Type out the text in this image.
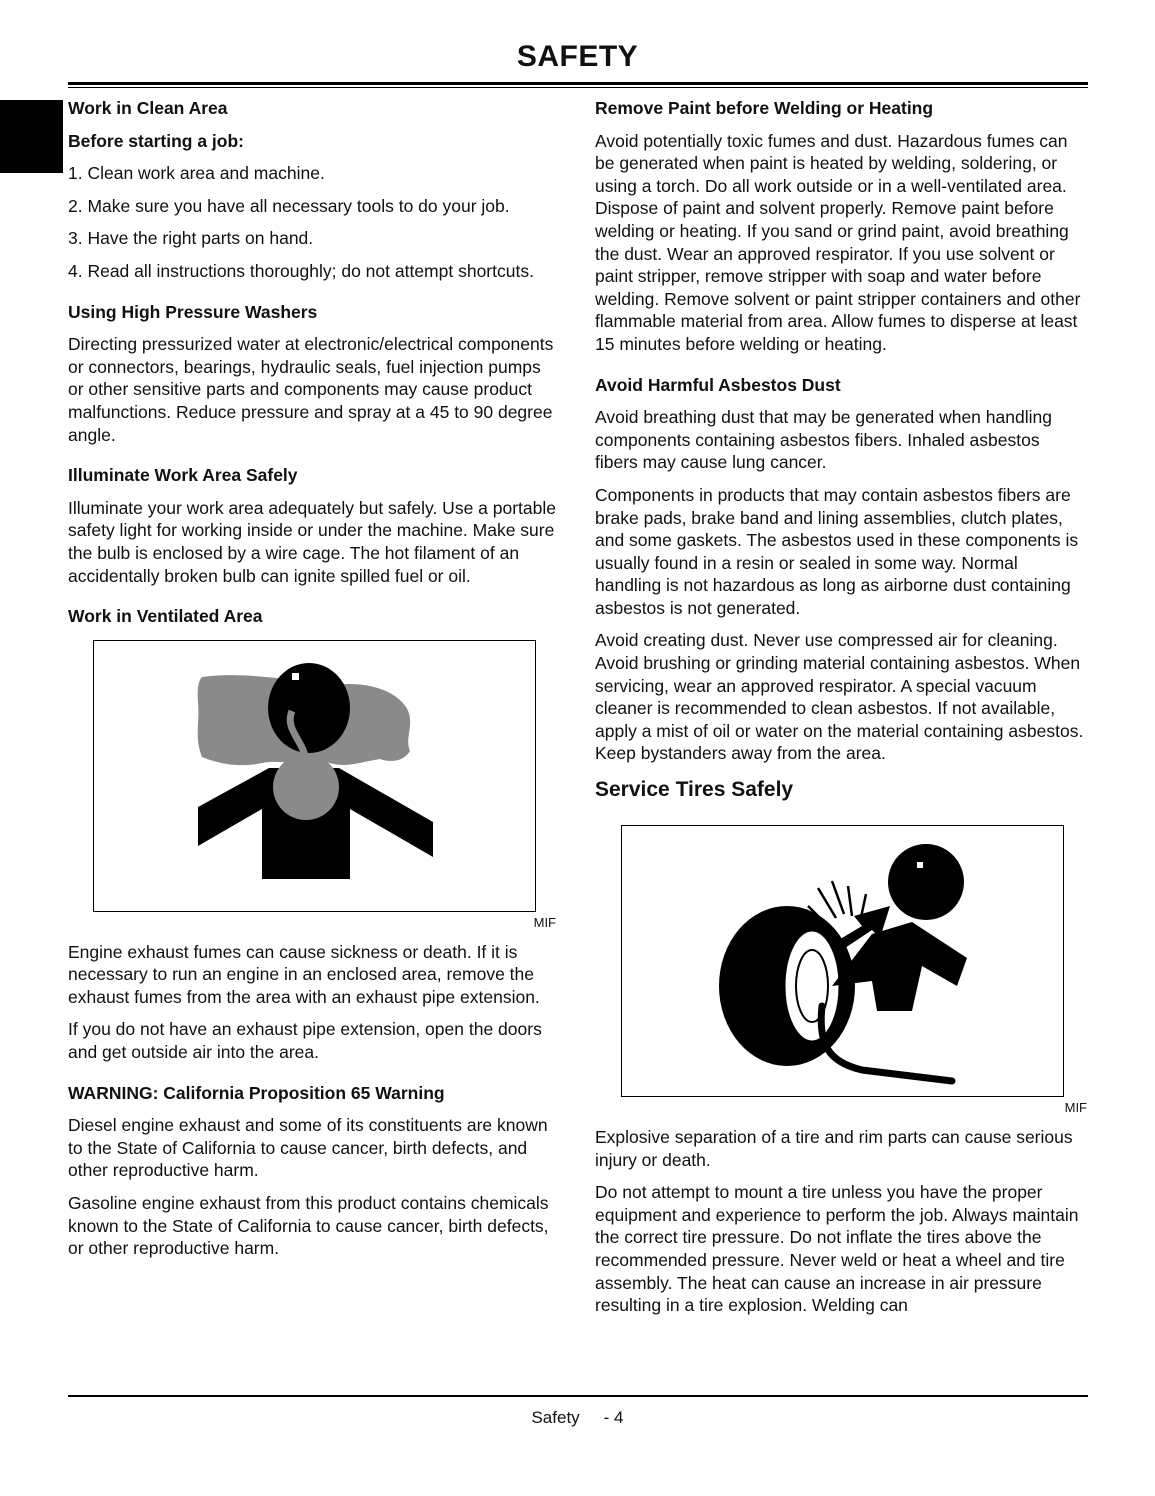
SAFETY
Work in Clean Area
Before starting a job:

1. Clean work area and machine.

2. Make sure you have all necessary tools to do your job.

3. Have the right parts on hand.

4. Read all instructions thoroughly; do not attempt shortcuts.

Using High Pressure Washers

Directing pressurized water at electronic/electrical components or connectors, bearings, hydraulic seals, fuel injection pumps or other sensitive parts and components may cause product malfunctions. Reduce pressure and spray at a 45 to 90 degree angle.

Illuminate Work Area Safely

Illuminate your work area adequately but safely. Use a portable safety light for working inside or under the machine. Make sure the bulb is enclosed by a wire cage. The hot filament of an accidentally broken bulb can ignite spilled fuel or oil.

Work in Ventilated Area
MIF

Engine exhaust fumes can cause sickness or death. If it is necessary to run an engine in an enclosed area, remove the exhaust fumes from the area with an exhaust pipe extension.

If you do not have an exhaust pipe extension, open the doors and get outside air into the area.

WARNING: California Proposition 65 Warning

Diesel engine exhaust and some of its constituents are known to the State of California to cause cancer, birth defects, and other reproductive harm.

Gasoline engine exhaust from this product contains chemicals known to the State of California to cause cancer, birth defects, or other reproductive harm.

Remove Paint before Welding or Heating

Avoid potentially toxic fumes and dust. Hazardous fumes can be generated when paint is heated by welding, soldering, or using a torch. Do all work outside or in a well-ventilated area. Dispose of paint and solvent properly. Remove paint before welding or heating. If you sand or grind paint, avoid breathing the dust. Wear an approved respirator. If you use solvent or paint stripper, remove stripper with soap and water before welding. Remove solvent or paint stripper containers and other flammable material from area. Allow fumes to disperse at least 15 minutes before welding or heating.

Avoid Harmful Asbestos Dust

Avoid breathing dust that may be generated when handling components containing asbestos fibers. Inhaled asbestos fibers may cause lung cancer.

Components in products that may contain asbestos fibers are brake pads, brake band and lining assemblies, clutch plates, and some gaskets. The asbestos used in these components is usually found in a resin or sealed in some way. Normal handling is not hazardous as long as airborne dust containing asbestos is not generated.

Avoid creating dust. Never use compressed air for cleaning. Avoid brushing or grinding material containing asbestos. When servicing, wear an approved respirator. A special vacuum cleaner is recommended to clean asbestos. If not available, apply a mist of oil or water on the material containing asbestos. Keep bystanders away from the area.

Service Tires Safely
MIF

Explosive separation of a tire and rim parts can cause serious injury or death.

Do not attempt to mount a tire unless you have the proper equipment and experience to perform the job. Always maintain the correct tire pressure. Do not inflate the tires above the recommended pressure. Never weld or heat a wheel and tire assembly. The heat can cause an increase in air pressure resulting in a tire explosion. Welding can

Safety - 4
